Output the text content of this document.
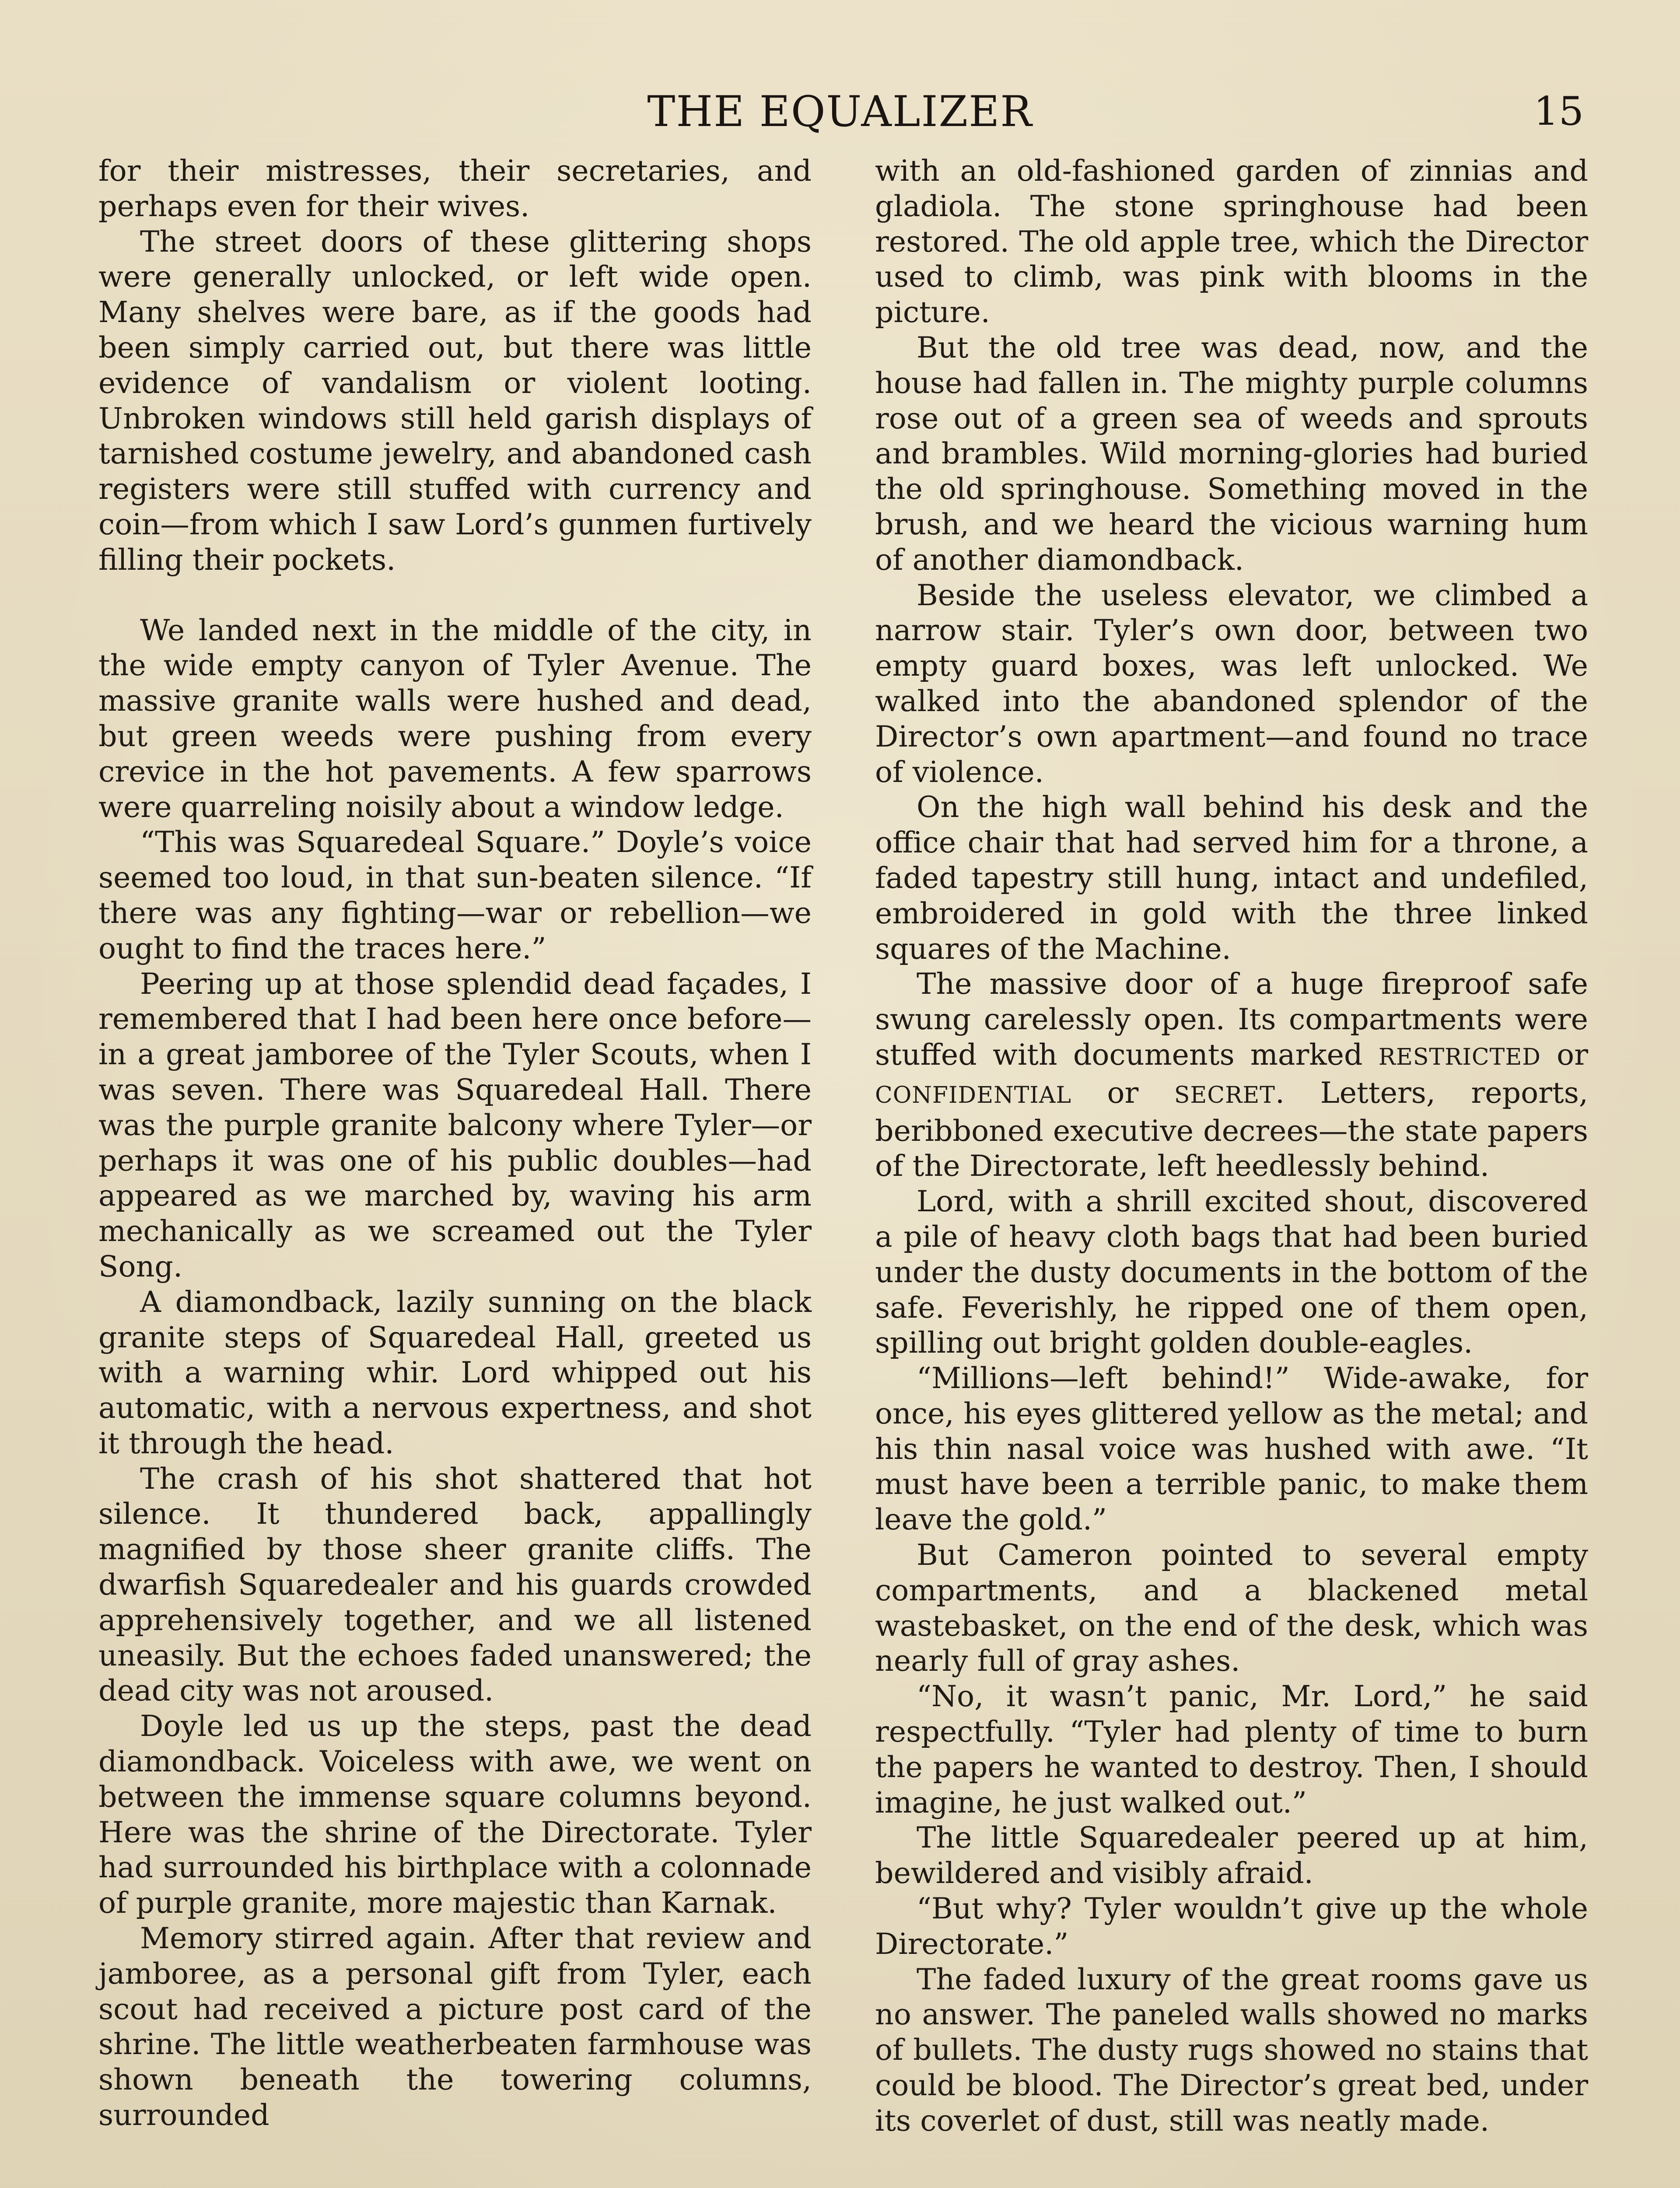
THE EQUALIZER	15

for their mistresses, their secretaries, and perhaps even for their wives.

The street doors of these glittering shops were generally unlocked, or left wide open. Many shelves were bare, as if the goods had been simply carried out, but there was little evidence of vandalism or violent looting. Unbroken windows still held garish displays of tarnished costume jewelry, and abandoned cash registers were still stuffed with currency and coin—from which I saw Lord’s gunmen furtively filling their pockets.

We landed next in the middle of the city, in the wide empty canyon of Tyler Avenue. The massive granite walls were hushed and dead, but green weeds were pushing from every crevice in the hot pavements. A few sparrows were quarreling noisily about a window ledge.

“This was Squaredeal Square.” Doyle’s voice seemed too loud, in that sun-beaten silence. “If there was any fighting—war or rebellion—we ought to find the traces here.”

Peering up at those splendid dead façades, I remembered that I had been here once before—in a great jamboree of the Tyler Scouts, when I was seven. There was Squaredeal Hall. There was the purple granite balcony where Tyler—or perhaps it was one of his public doubles—had appeared as we marched by, waving his arm mechanically as we screamed out the Tyler Song.

A diamondback, lazily sunning on the black granite steps of Squaredeal Hall, greeted us with a warning whir. Lord whipped out his automatic, with a nervous expertness, and shot it through the head.

The crash of his shot shattered that hot silence. It thundered back, appallingly magnified by those sheer granite cliffs. The dwarfish Squaredealer and his guards crowded apprehensively together, and we all listened uneasily. But the echoes faded unanswered; the dead city was not aroused.

Doyle led us up the steps, past the dead diamondback. Voiceless with awe, we went on between the immense square columns beyond. Here was the shrine of the Directorate. Tyler had surrounded his birthplace with a colonnade of purple granite, more majestic than Karnak.

Memory stirred again. After that review and jamboree, as a personal gift from Tyler, each scout had received a picture post card of the shrine. The little weatherbeaten farmhouse was shown beneath the towering columns, surrounded

with an old-fashioned garden of zinnias and gladiola. The stone springhouse had been restored. The old apple tree, which the Director used to climb, was pink with blooms in the picture.

But the old tree was dead, now, and the house had fallen in. The mighty purple columns rose out of a green sea of weeds and sprouts and brambles. Wild morning-glories had buried the old springhouse. Something moved in the brush, and we heard the vicious warning hum of another diamondback.

Beside the useless elevator, we climbed a narrow stair. Tyler’s own door, between two empty guard boxes, was left unlocked. We walked into the abandoned splendor of the Director’s own apartment—and found no trace of violence.

On the high wall behind his desk and the office chair that had served him for a throne, a faded tapestry still hung, intact and undefiled, embroidered in gold with the three linked squares of the Machine.

The massive door of a huge fireproof safe swung carelessly open. Its compartments were stuffed with documents marked RESTRICTED or CONFIDENTIAL or SECRET. Letters, reports, beribboned executive decrees—the state papers of the Directorate, left heedlessly behind.

Lord, with a shrill excited shout, discovered a pile of heavy cloth bags that had been buried under the dusty documents in the bottom of the safe. Feverishly, he ripped one of them open, spilling out bright golden double-eagles.

“Millions—left behind!” Wide-awake, for once, his eyes glittered yellow as the metal; and his thin nasal voice was hushed with awe. “It must have been a terrible panic, to make them leave the gold.”

But Cameron pointed to several empty compartments, and a blackened metal wastebasket, on the end of the desk, which was nearly full of gray ashes.

“No, it wasn’t panic, Mr. Lord,” he said respectfully. “Tyler had plenty of time to burn the papers he wanted to destroy. Then, I should imagine, he just walked out.”

The little Squaredealer peered up at him, bewildered and visibly afraid.

“But why? Tyler wouldn’t give up the whole Directorate.”

The faded luxury of the great rooms gave us no answer. The paneled walls showed no marks of bullets. The dusty rugs showed no stains that could be blood. The Director’s great bed, under its coverlet of dust, still was neatly made.
